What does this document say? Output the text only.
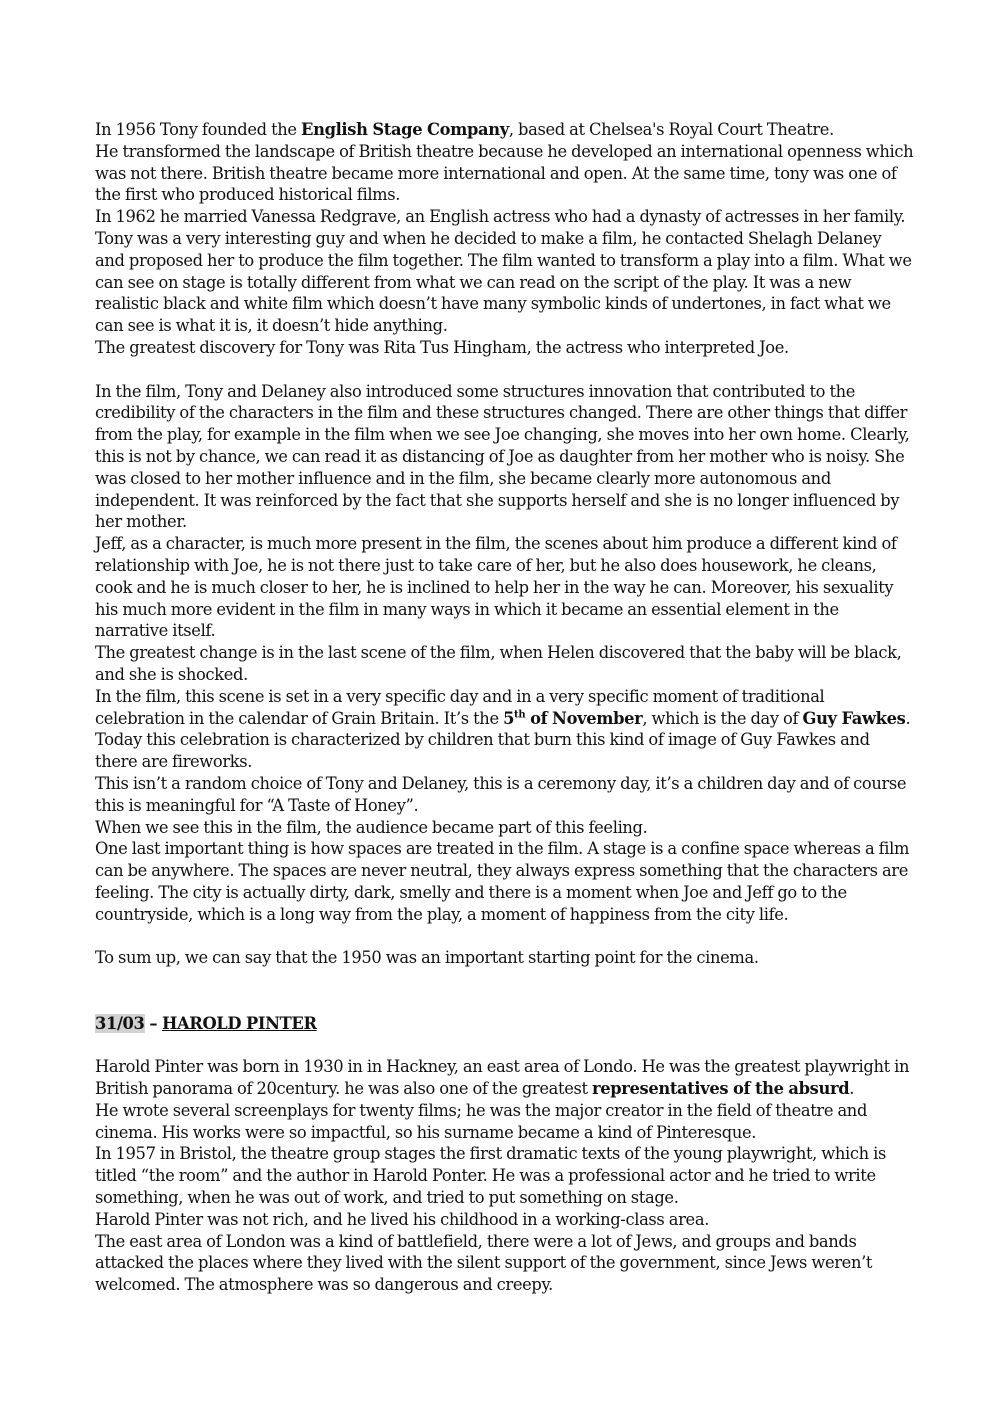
In 1956 Tony founded the English Stage Company, based at Chelsea's Royal Court Theatre.

He transformed the landscape of British theatre because he developed an international openness which was not there. British theatre became more international and open. At the same time, tony was one of the first who produced historical films.

In 1962 he married Vanessa Redgrave, an English actress who had a dynasty of actresses in her family. Tony was a very interesting guy and when he decided to make a film, he contacted Shelagh Delaney and proposed her to produce the film together. The film wanted to transform a play into a film. What we can see on stage is totally different from what we can read on the script of the play. It was a new realistic black and white film which doesn’t have many symbolic kinds of undertones, in fact what we can see is what it is, it doesn’t hide anything.

The greatest discovery for Tony was Rita Tus Hingham, the actress who interpreted Joe.

In the film, Tony and Delaney also introduced some structures innovation that contributed to the credibility of the characters in the film and these structures changed. There are other things that differ from the play, for example in the film when we see Joe changing, she moves into her own home. Clearly, this is not by chance, we can read it as distancing of Joe as daughter from her mother who is noisy. She was closed to her mother influence and in the film, she became clearly more autonomous and independent. It was reinforced by the fact that she supports herself and she is no longer influenced by her mother.

Jeff, as a character, is much more present in the film, the scenes about him produce a different kind of relationship with Joe, he is not there just to take care of her, but he also does housework, he cleans, cook and he is much closer to her, he is inclined to help her in the way he can. Moreover, his sexuality his much more evident in the film in many ways in which it became an essential element in the narrative itself.

The greatest change is in the last scene of the film, when Helen discovered that the baby will be black, and she is shocked.

In the film, this scene is set in a very specific day and in a very specific moment of traditional celebration in the calendar of Grain Britain. It’s the 5th of November, which is the day of Guy Fawkes.

Today this celebration is characterized by children that burn this kind of image of Guy Fawkes and there are fireworks.

This isn’t a random choice of Tony and Delaney, this is a ceremony day, it’s a children day and of course this is meaningful for “A Taste of Honey”.

When we see this in the film, the audience became part of this feeling.

One last important thing is how spaces are treated in the film. A stage is a confine space whereas a film can be anywhere. The spaces are never neutral, they always express something that the characters are feeling. The city is actually dirty, dark, smelly and there is a moment when Joe and Jeff go to the countryside, which is a long way from the play, a moment of happiness from the city life.

To sum up, we can say that the 1950 was an important starting point for the cinema.

31/03 – HAROLD PINTER

Harold Pinter was born in 1930 in in Hackney, an east area of Londo. He was the greatest playwright in British panorama of 20century. he was also one of the greatest representatives of the absurd.

He wrote several screenplays for twenty films; he was the major creator in the field of theatre and cinema. His works were so impactful, so his surname became a kind of Pinteresque.

In 1957 in Bristol, the theatre group stages the first dramatic texts of the young playwright, which is titled “the room” and the author in Harold Ponter. He was a professional actor and he tried to write something, when he was out of work, and tried to put something on stage.

Harold Pinter was not rich, and he lived his childhood in a working-class area.

The east area of London was a kind of battlefield, there were a lot of Jews, and groups and bands attacked the places where they lived with the silent support of the government, since Jews weren’t welcomed. The atmosphere was so dangerous and creepy.
